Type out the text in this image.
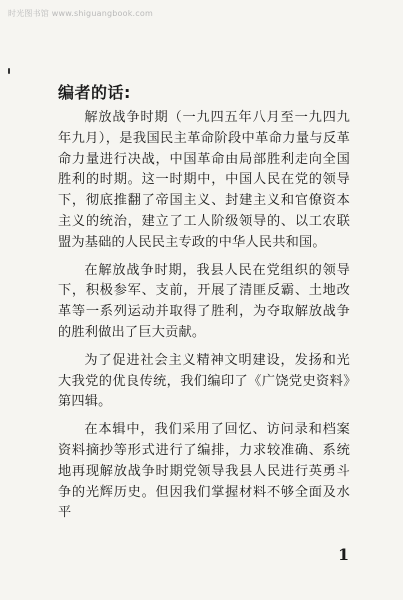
时光图书馆 www.shiguangbook.com
编者的话:

解放战争时期（一九四五年八月至一九四九年九月），是我国民主革命阶段中革命力量与反革命力量进行决战，中国革命由局部胜利走向全国胜利的时期。这一时期中，中国人民在党的领导下，彻底推翻了帝国主义、封建主义和官僚资本主义的统治，建立了工人阶级领导的、以工农联盟为基础的人民民主专政的中华人民共和国。

在解放战争时期，我县人民在党组织的领导下，积极参军、支前，开展了清匪反霸、土地改革等一系列运动并取得了胜利，为夺取解放战争的胜利做出了巨大贡献。

为了促进社会主义精神文明建设，发扬和光大我党的优良传统，我们编印了《广饶党史资料》第四辑。

在本辑中，我们采用了回忆、访问录和档案资料摘抄等形式进行了编排，力求较准确、系统地再现解放战争时期党领导我县人民进行英勇斗争的光辉历史。但因我们掌握材料不够全面及水平

1
